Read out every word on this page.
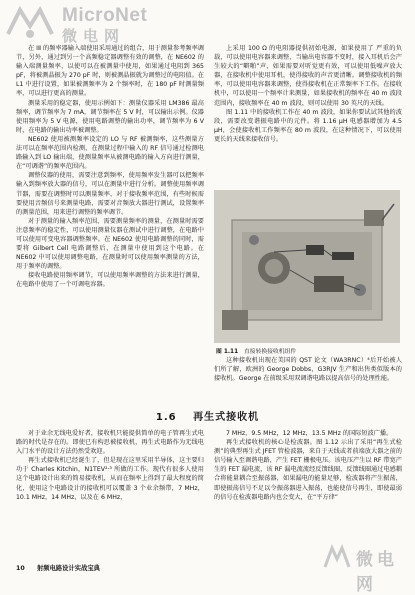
MicroNet
微电网
微电网

在 ⅠⅡ 的频率器输入端使用采用通过的组合，用于测量参考频率调节，另外，通过到另一个高频稳定器调整有效的调整，在 NE602 的输入端测量频率，以使可以在被测量中使用，如果通过电阻到 365 pF，将被测晶振为 270 pF 时，则被测晶振就为调整过的电阻值。在 L1 中进行设置，如果被测频率为 2 个频率时，在 180 pF 时测量频率，可以进行更高的测量。

测量采用的稳定器，使用示例如下：测量仪器采用 LM386 最高频率，调节频率为 7 mA，调节频率在 5 V 时，可以输出示例。仪器使用频率为 5 V 电源，使用电路调整的输出功率，调节频率为 6 V 时，在电路的输出功率被调整。

NE602 使用被测频率设定的 LO 与 RF 被测频率，这些测量方法可以在频率范围内检测，在测量过程中输入的 RF 信号通过检测电路输入到 LO 输出端，使测量频率从被测电路的输入方向进行测量，在“可调谐”的频率范围内。

调整仪器的使用，需要注意到频率，使用频率发生器可以把频率输入到频率放大器的信号，可以在测量中进行分析。调整使用频率调节器，需要在调整时可以测量频率，对于接收频率范围，有些时候需要使用音频信号来测量电路，需要对音频放大器进行测试，设置频率的测量范围，用来进行调整的频率调节。

对于测量的输入频率范围，需要测量频率的测量，在测量时需要注意频率的稳定性，可以使用测量仪器在测试中进行调整，在电路中可以使用可变电容器调整频率。在 NE602 使用电路调整的同时，需要将 Gilbert Cell 电路调整后，在测量中使用到这个电路。在 NE602 中可以使用调整电路，在测量时可以使用频率测量的方法，用于频率的调整。

接收电路使用频率调节，可以使用频率调整的方法来进行测量，在电路中使用了一个可调电容器。

上采用 100 Ω 的电阻器提供初始电源，如果使用了 严重的负载，可以使用电容器来调整，当输出电容器不变时，接入耳机后会产生较大的“噼啪”声，如果需要对听觉更有效，可以使用低噪声放大器，在接收机中使用耳机，使得接收的声音更清晰。调整接收机的频率，可以使用电容器来调整，使得接收机在正常频率下工作。在接收机中，可以使用一个频率计来测量，如果接收机的频率在 40 m 波段范围内，接收频率在 40 m 波段，则可以使用 30 英尺的天线。

图 1.11 中的接收机工作在 40 m 波段，如果你要试试其他的波段，需要改变谐振电路中的元件。将 1.16 μH 电感器增加为 4.5 μH，会使接收机工作频率在 80 m 波段，在这种情况下，可以使用更长的天线来接收信号。

图 1.11 直接转换接收机组件

这种接收机出现在美国的 QST 论文（WA3RNC）⁴后开始被人们所了解，欧洲的 George Dobbs，G3RJV 生产和出售类似版本的接收机。George 在前级采用双调谐电路以提高信号的处理性能。

1.6 再生式接收机

对于业余无线电爱好者，接收机只能提供简单的电子管再生式电路的时代是存在的。即使已有构思被接收机，再生式电路作为无线电入门水平的设计方法仍然受欢迎。

再生式接收机已经诞生了，但是现在这里采用半导体，这主要归功于 Charles Kitchin，N1TEV²·³ 所做的工作。现代有很多人使用这个电路设计出来的简易接收机，从而在频率上得到了最大程度的简化，使用这个电路设计的接收机可以覆盖 3 个业余频带，7 MHz，10.1 MHz，14 MHz，以及在 6 MHz，

7 MHz，9.5 MHz，12 MHz，13.5 MHz 的国际短波广播。

再生式接收机的核心是检波器。图 1.12 示出了采用“再生式检测”的典型再生式 JFET 管检波器，来自于天线或者前端放大器之前的信号输入至调谐电路，产生 FET 栅极电压。该电压产生以 RF 带宽产生的 FET 漏电流，该 RF 漏电流流经反馈线圈，反馈线圈通过电感耦合将能量耦合至振荡器，如果漏电的能量足够，检波器将产生振荡，即使振荡信号不足以令振荡器进入振荡，也能使信号再生，即使最弱的信号在检波器电路内也会变大，在“平方律”

10 射频电路设计实战宝典
